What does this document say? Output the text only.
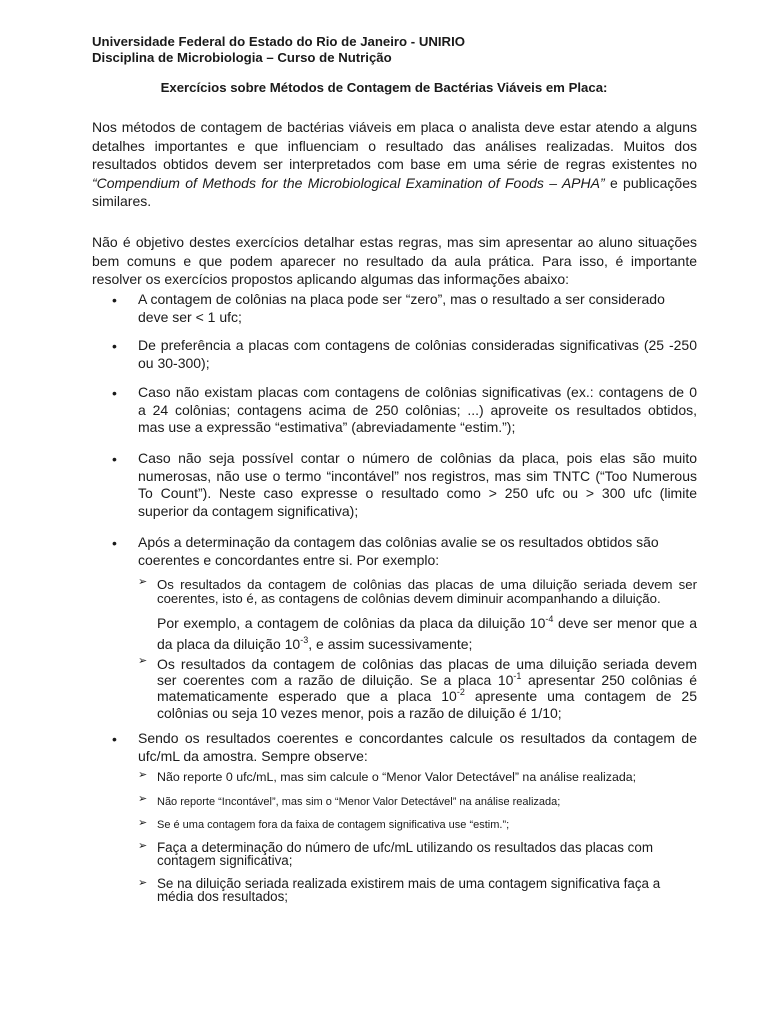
Universidade Federal do Estado do Rio de Janeiro - UNIRIO
Disciplina de Microbiologia – Curso de Nutrição
Exercícios sobre Métodos de Contagem de Bactérias Viáveis em Placa:
Nos métodos de contagem de bactérias viáveis em placa o analista deve estar atendo a alguns
detalhes importantes e que influenciam o resultado das análises realizadas. Muitos dos
resultados obtidos devem ser interpretados com base em uma série de regras existentes no
“Compendium of Methods for the Microbiological Examination of Foods – APHA” e publicações
similares.
Não é objetivo destes exercícios detalhar estas regras, mas sim apresentar ao aluno situações
bem comuns e que podem aparecer no resultado da aula prática. Para isso, é importante
resolver os exercícios propostos aplicando algumas das informações abaixo:
•	A contagem de colônias na placa pode ser “zero”, mas o resultado a ser considerado
deve ser < 1 ufc;
•	De preferência a placas com contagens de colônias consideradas significativas (25 -250
ou 30-300);
•	Caso não existam placas com contagens de colônias significativas (ex.: contagens de 0
a 24 colônias; contagens acima de 250 colônias; ...) aproveite os resultados obtidos,
mas use a expressão “estimativa” (abreviadamente “estim.”);
•	Caso não seja possível contar o número de colônias da placa, pois elas são muito
numerosas, não use o termo “incontável” nos registros, mas sim TNTC (“Too Numerous
To Count”). Neste caso expresse o resultado como > 250 ufc ou > 300 ufc (limite
superior da contagem significativa);
•	Após a determinação da contagem das colônias avalie se os resultados obtidos são
coerentes e concordantes entre si. Por exemplo:
➢ Os resultados da contagem de colônias das placas de uma diluição seriada devem ser
coerentes, isto é, as contagens de colônias devem diminuir acompanhando a diluição.
Por exemplo, a contagem de colônias da placa da diluição $10^{-4}$ deve ser menor que a
da placa da diluição $10^{-3}$, e assim sucessivamente;
➢ Os resultados da contagem de colônias das placas de uma diluição seriada devem
ser coerentes com a razão de diluição. Se a placa $10^{-1}$ apresentar 250 colônias é
matematicamente esperado que a placa $10^{-2}$ apresente uma contagem de 25
colônias ou seja 10 vezes menor, pois a razão de diluição é 1/10;
•	Sendo os resultados coerentes e concordantes calcule os resultados da contagem de
ufc/mL da amostra. Sempre observe:
➢ Não reporte 0 ufc/mL, mas sim calcule o “Menor Valor Detectável” na análise realizada;
➢ Não reporte “Incontável”, mas sim o “Menor Valor Detectável” na análise realizada;
➢ Se é uma contagem fora da faixa de contagem significativa use “estim.”;
➢ Faça a determinação do número de ufc/mL utilizando os resultados das placas com
contagem significativa;
➢ Se na diluição seriada realizada existirem mais de uma contagem significativa faça a
média dos resultados;
